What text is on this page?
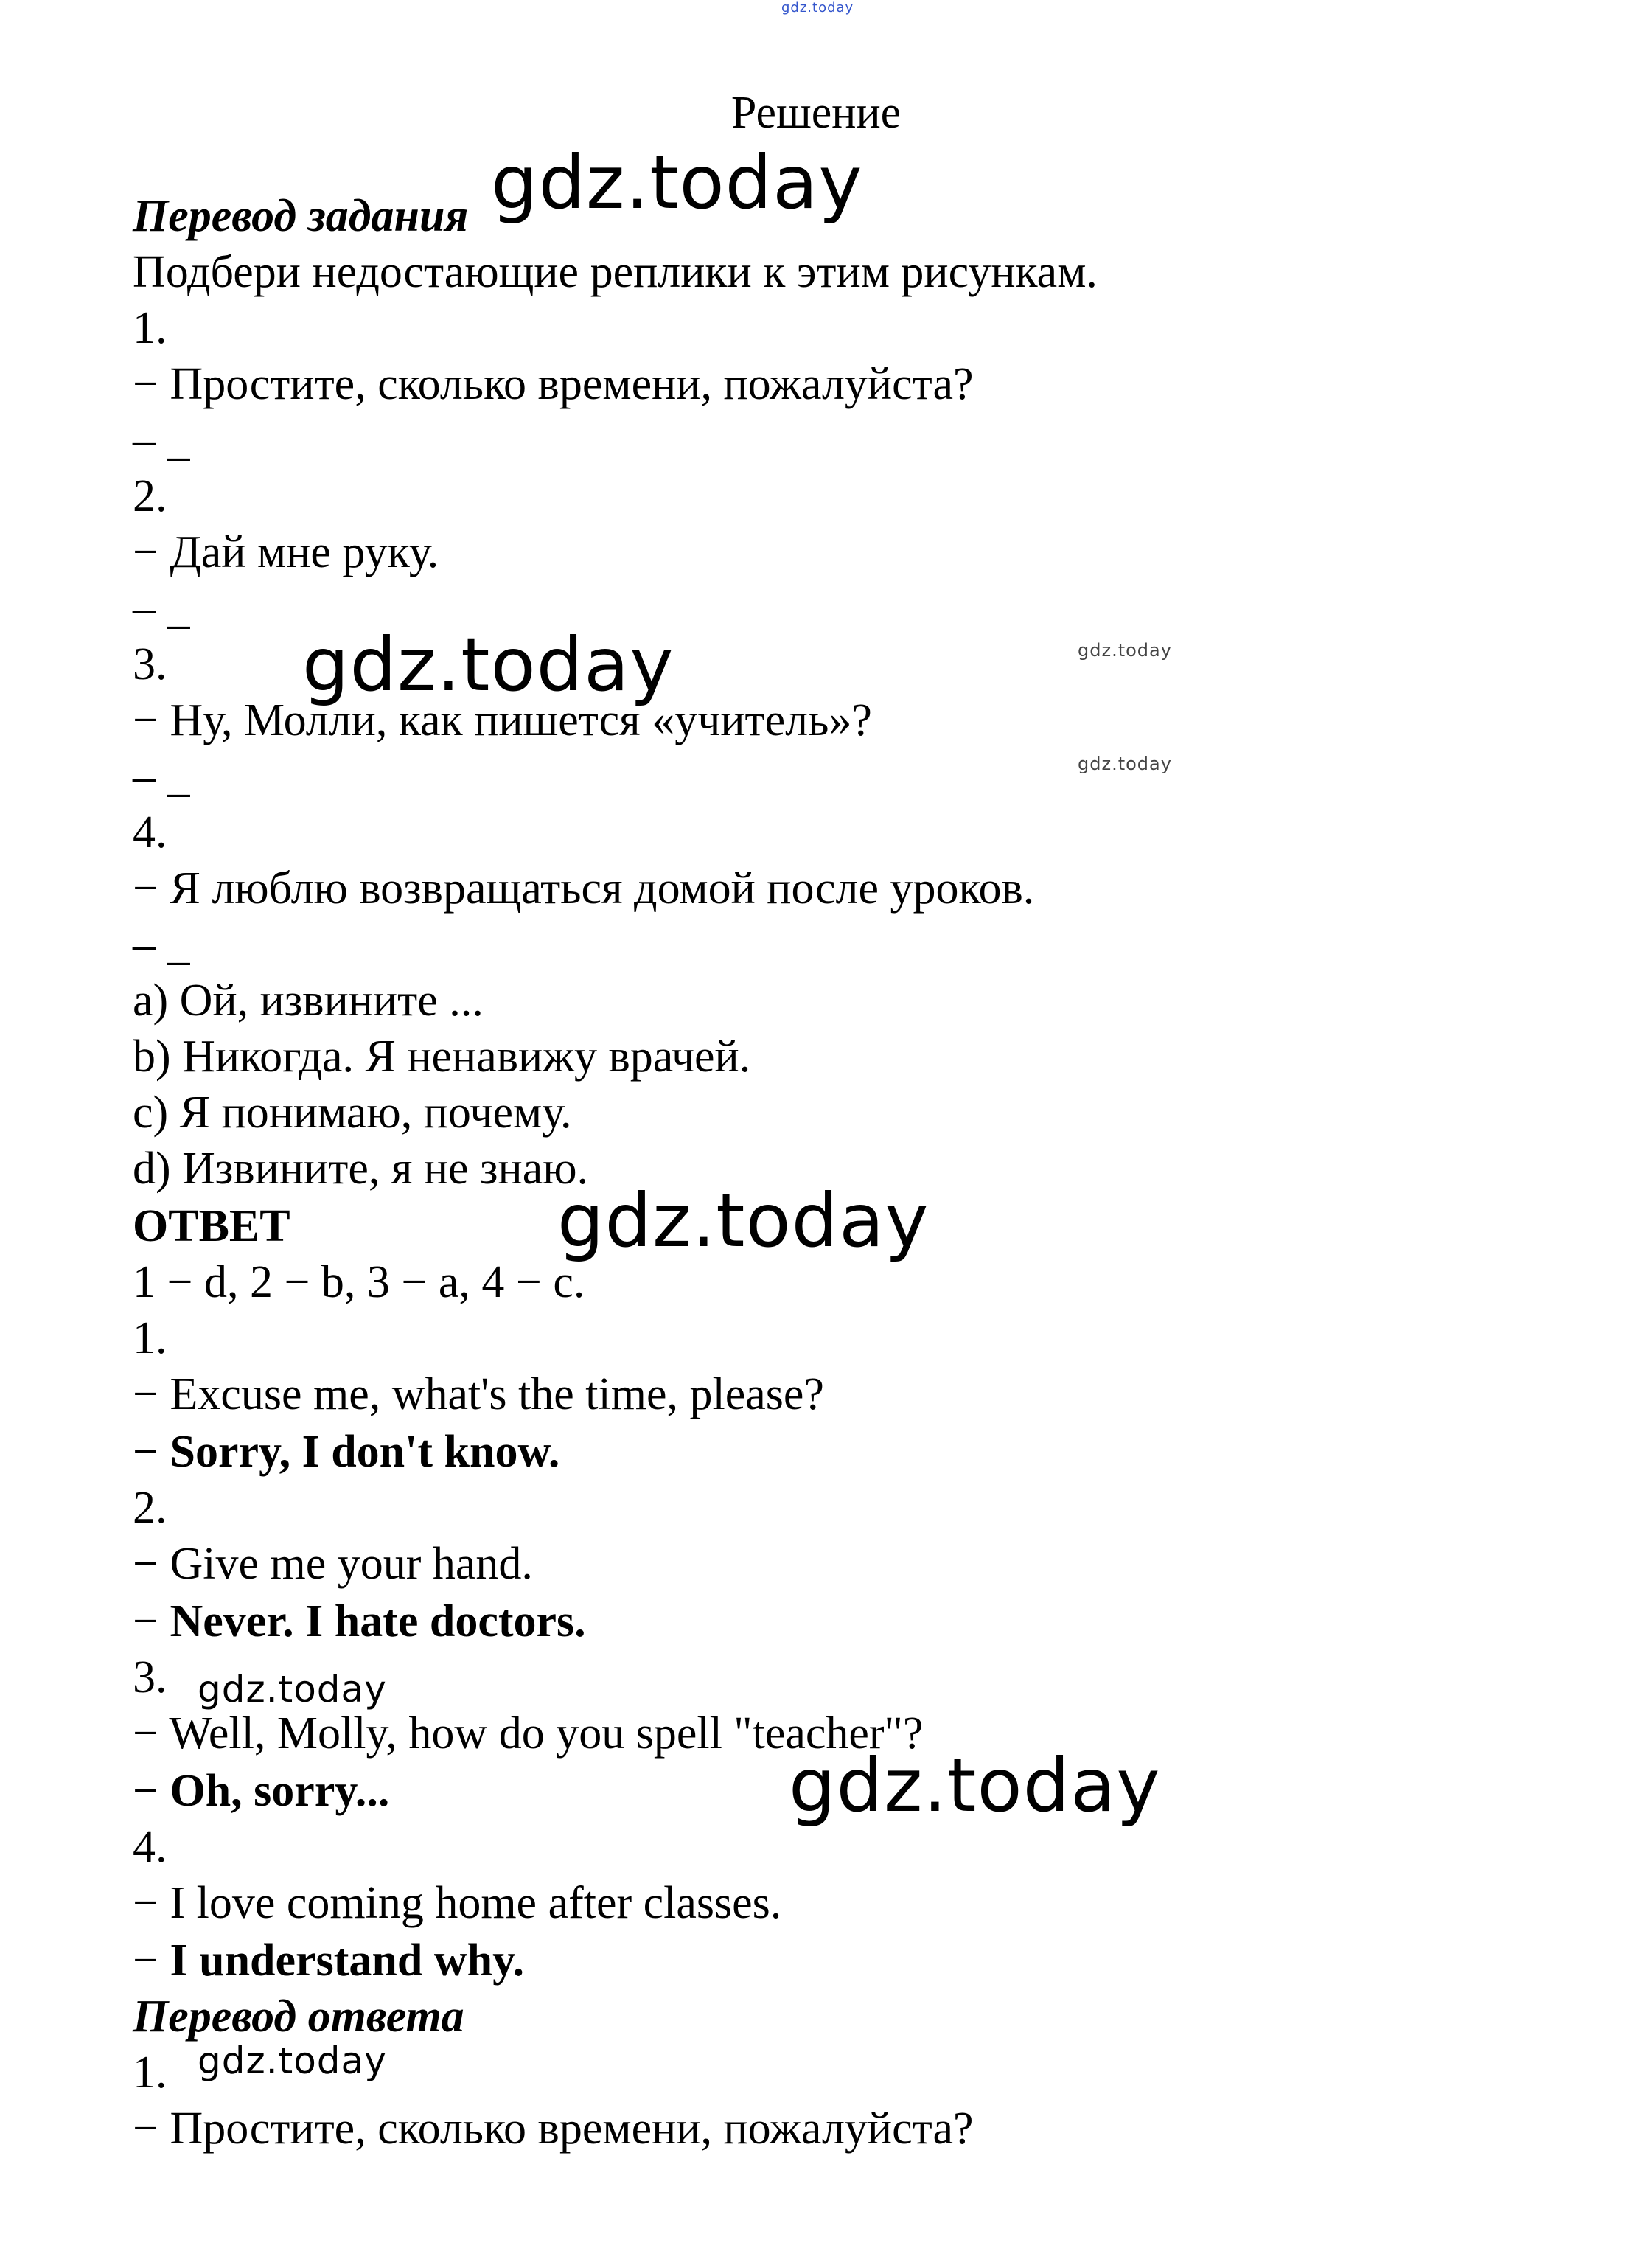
gdz.today
Решение
Перевод задания
Подбери недостающие реплики к этим рисункам.
1.
− Простите, сколько времени, пожалуйста?
– _
2.
− Дай мне руку.
– _
3.
− Ну, Молли, как пишется «учитель»?
– _
4.
− Я люблю возвращаться домой после уроков.
– _
a) Ой, извините ...
b) Никогда. Я ненавижу врачей.
c) Я понимаю, почему.
d) Извините, я не знаю.
ОТВЕТ
1 − d, 2 − b, 3 − a, 4 − c.
1.
− Excuse me, what's the time, please?
− Sorry, I don't know.
2.
− Give me your hand.
− Never. I hate doctors.
3.
− Well, Molly, how do you spell "teacher"?
− Oh, sorry...
4.
− I love coming home after classes.
− I understand why.
Перевод ответа
1.
− Простите, сколько времени, пожалуйста?
gdz.today
gdz.today	gdz.today
gdz.today
gdz.today
gdz.today
gdz.today
gdz.today
